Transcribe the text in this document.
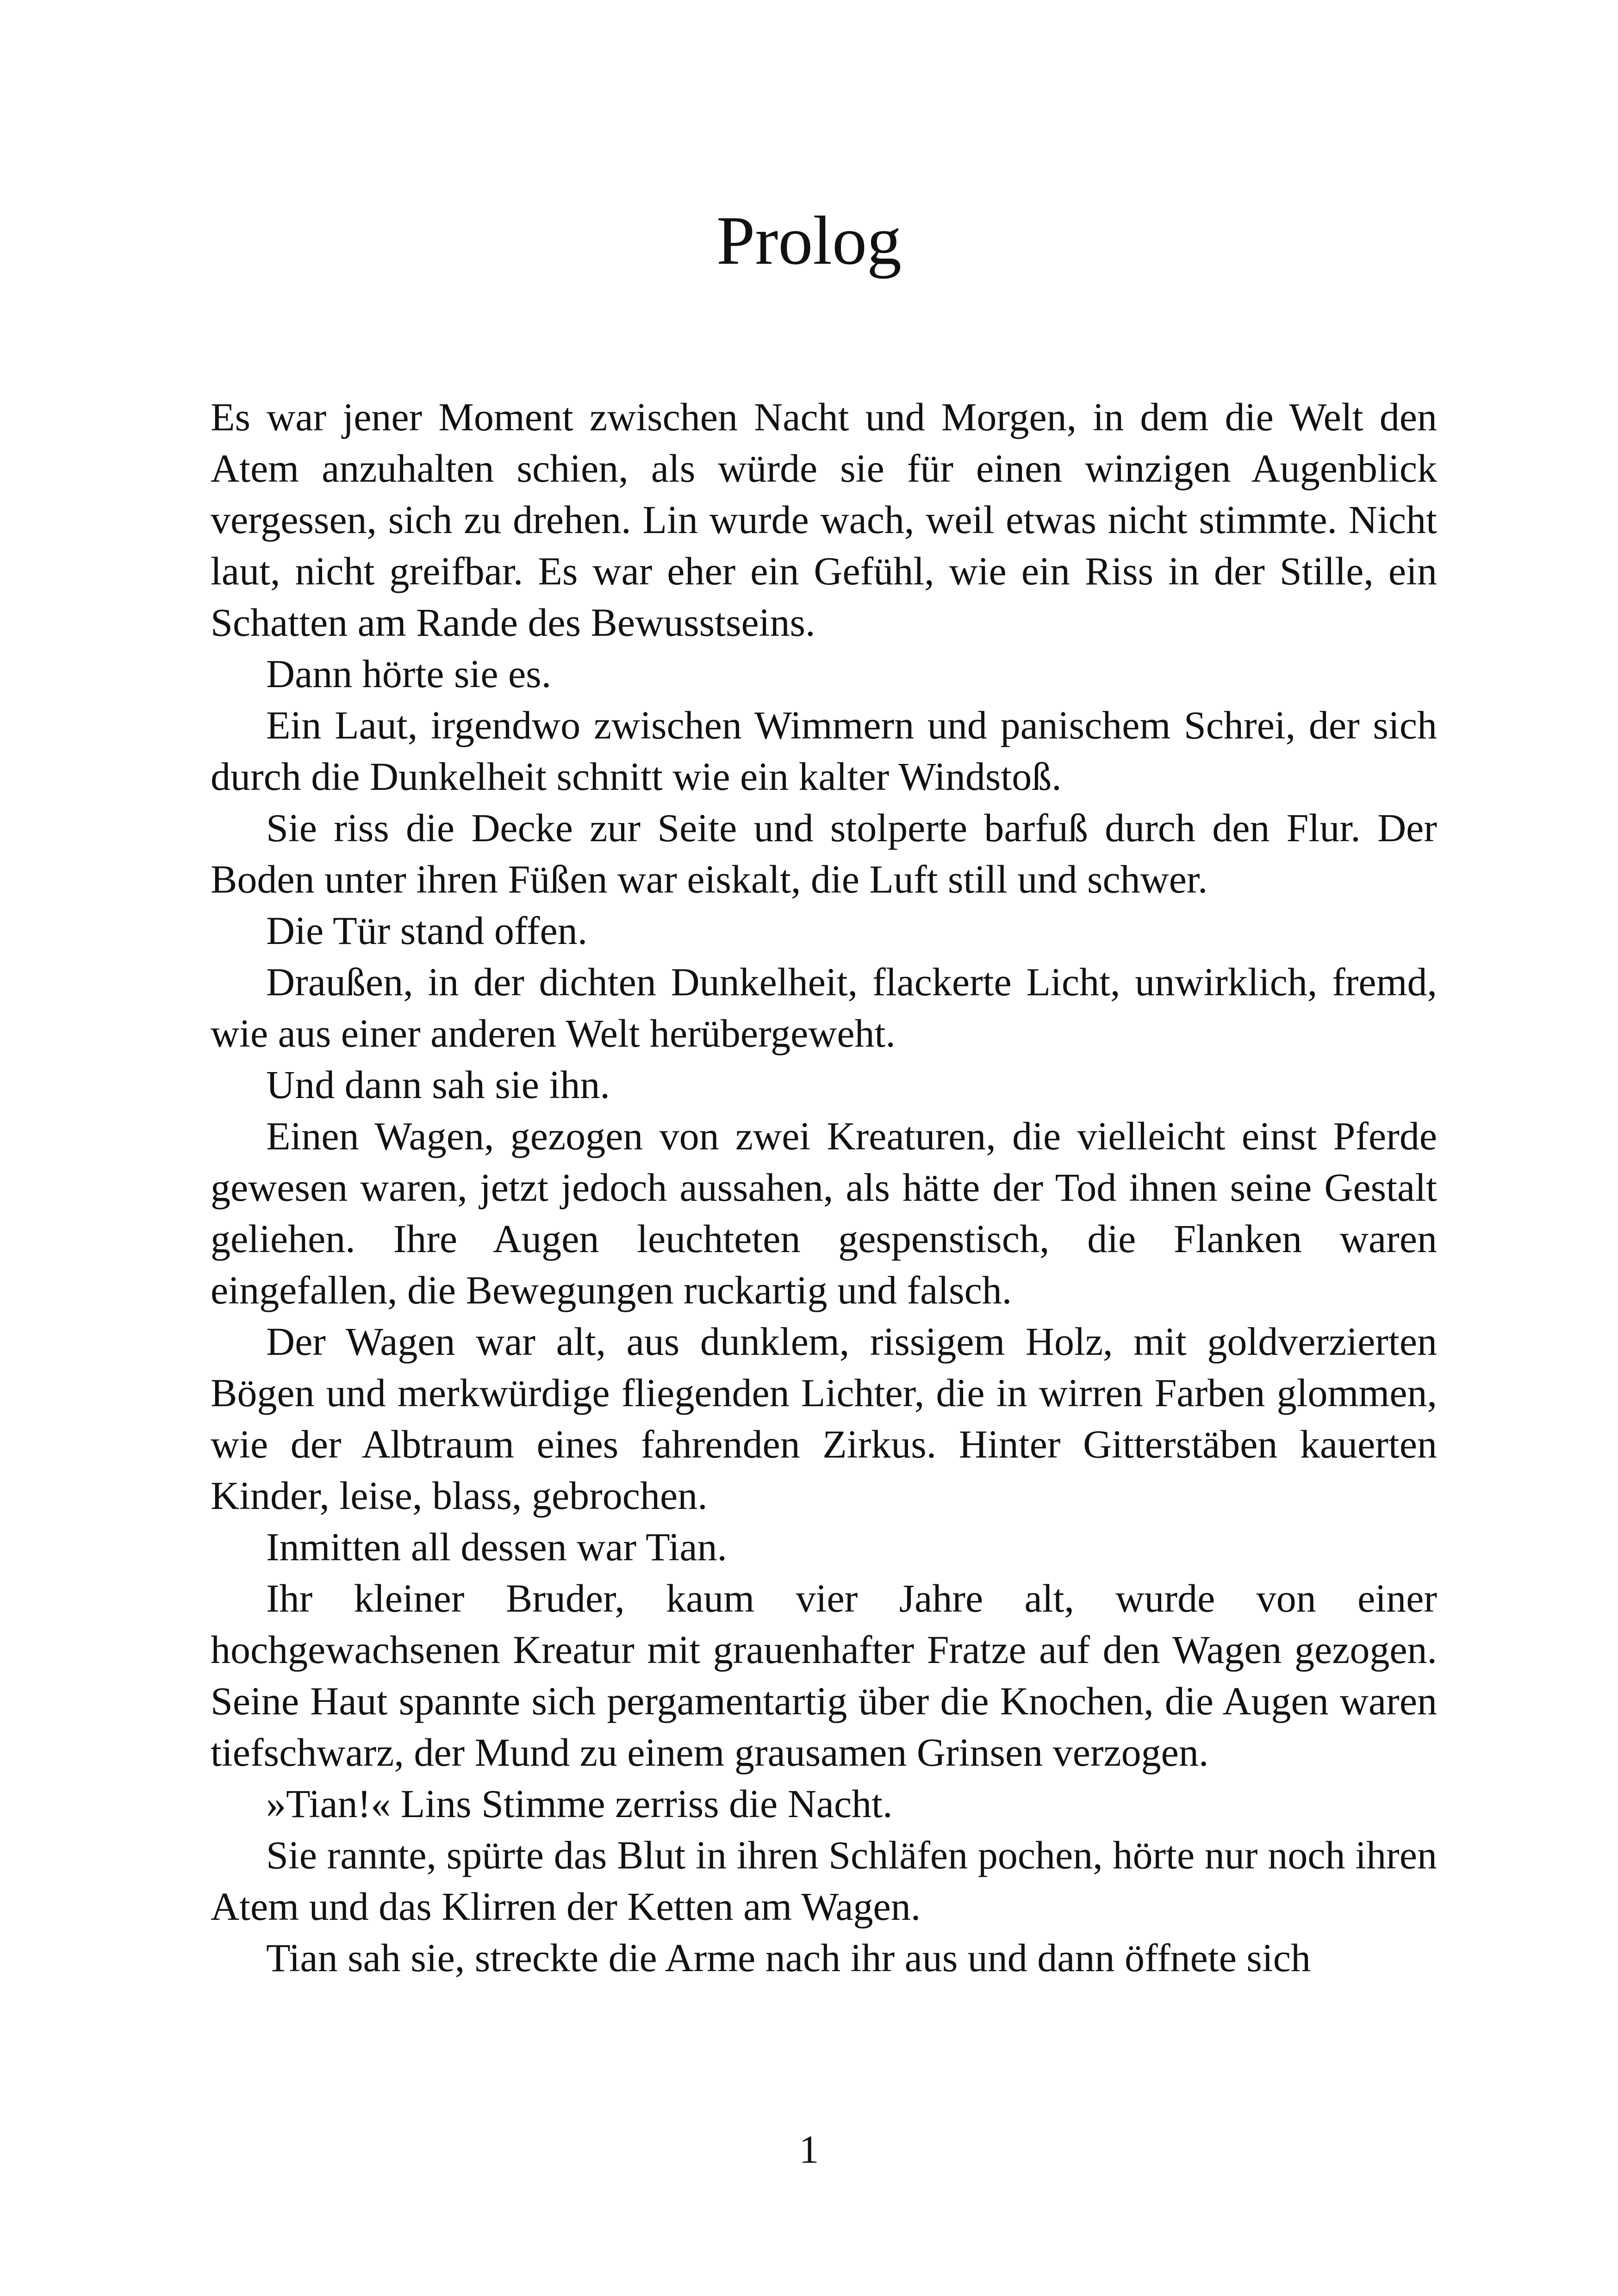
Prolog

Es war jener Moment zwischen Nacht und Morgen, in dem die Welt den Atem anzuhalten schien, als würde sie für einen winzigen Augenblick vergessen, sich zu drehen. Lin wurde wach, weil etwas nicht stimmte. Nicht laut, nicht greifbar. Es war eher ein Gefühl, wie ein Riss in der Stille, ein Schatten am Rande des Bewusstseins.

Dann hörte sie es.

Ein Laut, irgendwo zwischen Wimmern und panischem Schrei, der sich durch die Dunkelheit schnitt wie ein kalter Windstoß.

Sie riss die Decke zur Seite und stolperte barfuß durch den Flur. Der Boden unter ihren Füßen war eiskalt, die Luft still und schwer.

Die Tür stand offen.

Draußen, in der dichten Dunkelheit, flackerte Licht, unwirklich, fremd, wie aus einer anderen Welt herübergeweht.

Und dann sah sie ihn.

Einen Wagen, gezogen von zwei Kreaturen, die vielleicht einst Pferde gewesen waren, jetzt jedoch aussahen, als hätte der Tod ihnen seine Gestalt geliehen. Ihre Augen leuchteten gespenstisch, die Flanken waren eingefallen, die Bewegungen ruckartig und falsch.

Der Wagen war alt, aus dunklem, rissigem Holz, mit goldverzierten Bögen und merkwürdige fliegenden Lichter, die in wirren Farben glommen, wie der Albtraum eines fahrenden Zirkus. Hinter Gitterstäben kauerten Kinder, leise, blass, gebrochen.

Inmitten all dessen war Tian.

Ihr kleiner Bruder, kaum vier Jahre alt, wurde von einer hochgewachsenen Kreatur mit grauenhafter Fratze auf den Wagen gezogen. Seine Haut spannte sich pergamentartig über die Knochen, die Augen waren tiefschwarz, der Mund zu einem grausamen Grinsen verzogen.

»Tian!« Lins Stimme zerriss die Nacht.

Sie rannte, spürte das Blut in ihren Schläfen pochen, hörte nur noch ihren Atem und das Klirren der Ketten am Wagen.

Tian sah sie, streckte die Arme nach ihr aus und dann öffnete sich

1
